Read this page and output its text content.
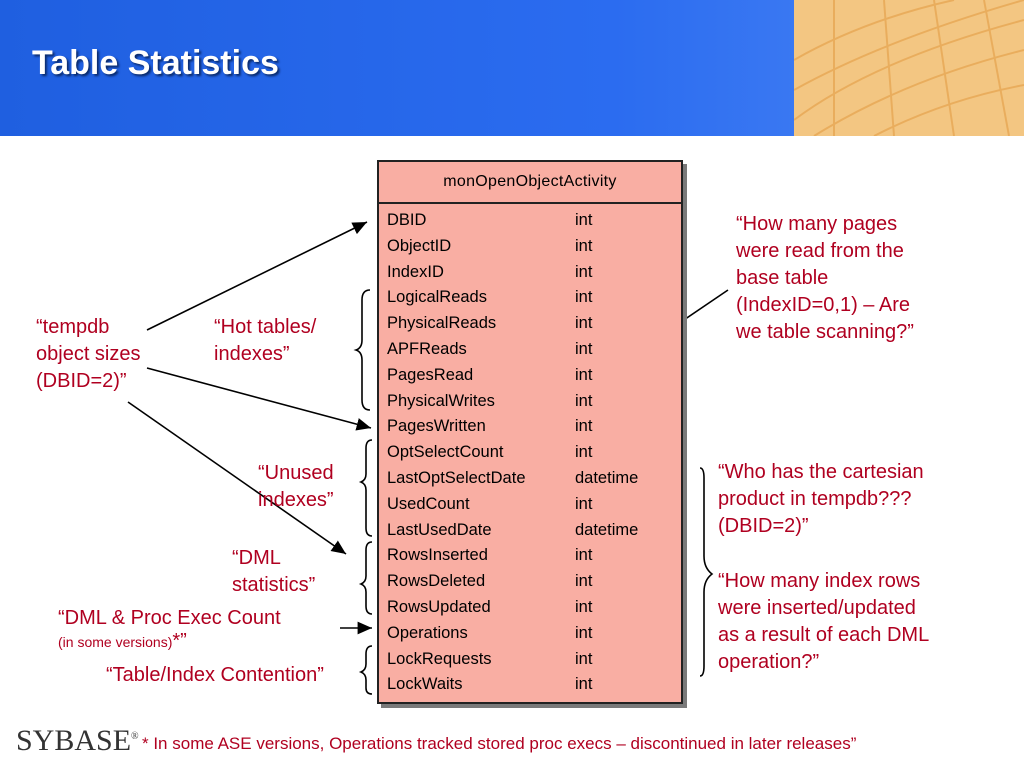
Table Statistics
monOpenObjectActivity
DBID	int
ObjectID	int
IndexID	int
LogicalReads	int
PhysicalReads	int
APFReads	int
PagesRead	int
PhysicalWrites	int
PagesWritten	int
OptSelectCount	int
LastOptSelectDate	datetime
UsedCount	int
LastUsedDate	datetime
RowsInserted	int
RowsDeleted	int
RowsUpdated	int
Operations	int
LockRequests	int
LockWaits	int
“tempdb
object sizes
(DBID=2)”
“Hot tables/
indexes”
“Unused
indexes”
“DML
statistics”
“DML & Proc Exec Count
(in some versions)*”
“Table/Index Contention”
“How many pages
were read from the
base table
(IndexID=0,1) – Are
we table scanning?”
“Who has the cartesian
product in tempdb???
(DBID=2)”
“How many index rows
were inserted/updated
as a result of each DML
operation?”
SYBASE® * In some ASE versions, Operations tracked stored proc execs – discontinued in later releases”
